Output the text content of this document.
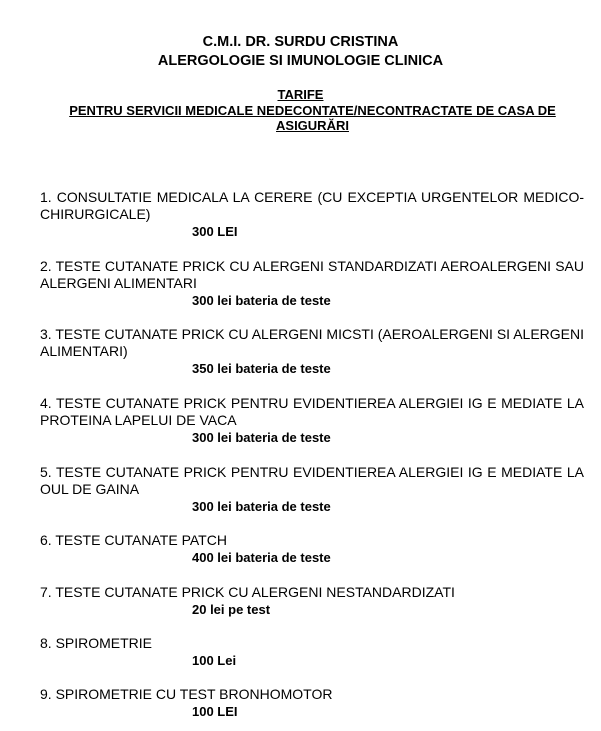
C.M.I. DR. SURDU CRISTINA
ALERGOLOGIE SI IMUNOLOGIE CLINICA
TARIFE
PENTRU SERVICII MEDICALE NEDECONTATE/NECONTRACTATE DE CASA DE ASIGURĂRI

1. CONSULTATIE MEDICALA LA CERERE (CU EXCEPTIA URGENTELOR MEDICO-CHIRURGICALE)

300 LEI

2. TESTE CUTANATE PRICK CU ALERGENI STANDARDIZATI AEROALERGENI SAU ALERGENI ALIMENTARI

300 lei bateria de teste

3. TESTE CUTANATE PRICK CU ALERGENI MICSTI (AEROALERGENI SI ALERGENI ALIMENTARI)

350 lei bateria de teste

4. TESTE CUTANATE PRICK PENTRU EVIDENTIEREA ALERGIEI IG E MEDIATE LA PROTEINA LAPELUI DE VACA

300 lei bateria de teste

5. TESTE CUTANATE PRICK PENTRU EVIDENTIEREA ALERGIEI IG E MEDIATE LA OUL DE GAINA

300 lei bateria de teste

6. TESTE CUTANATE PATCH

400 lei bateria de teste

7. TESTE CUTANATE PRICK CU ALERGENI NESTANDARDIZATI

20 lei pe test

8. SPIROMETRIE

100 Lei

9. SPIROMETRIE CU TEST BRONHOMOTOR

100 LEI
